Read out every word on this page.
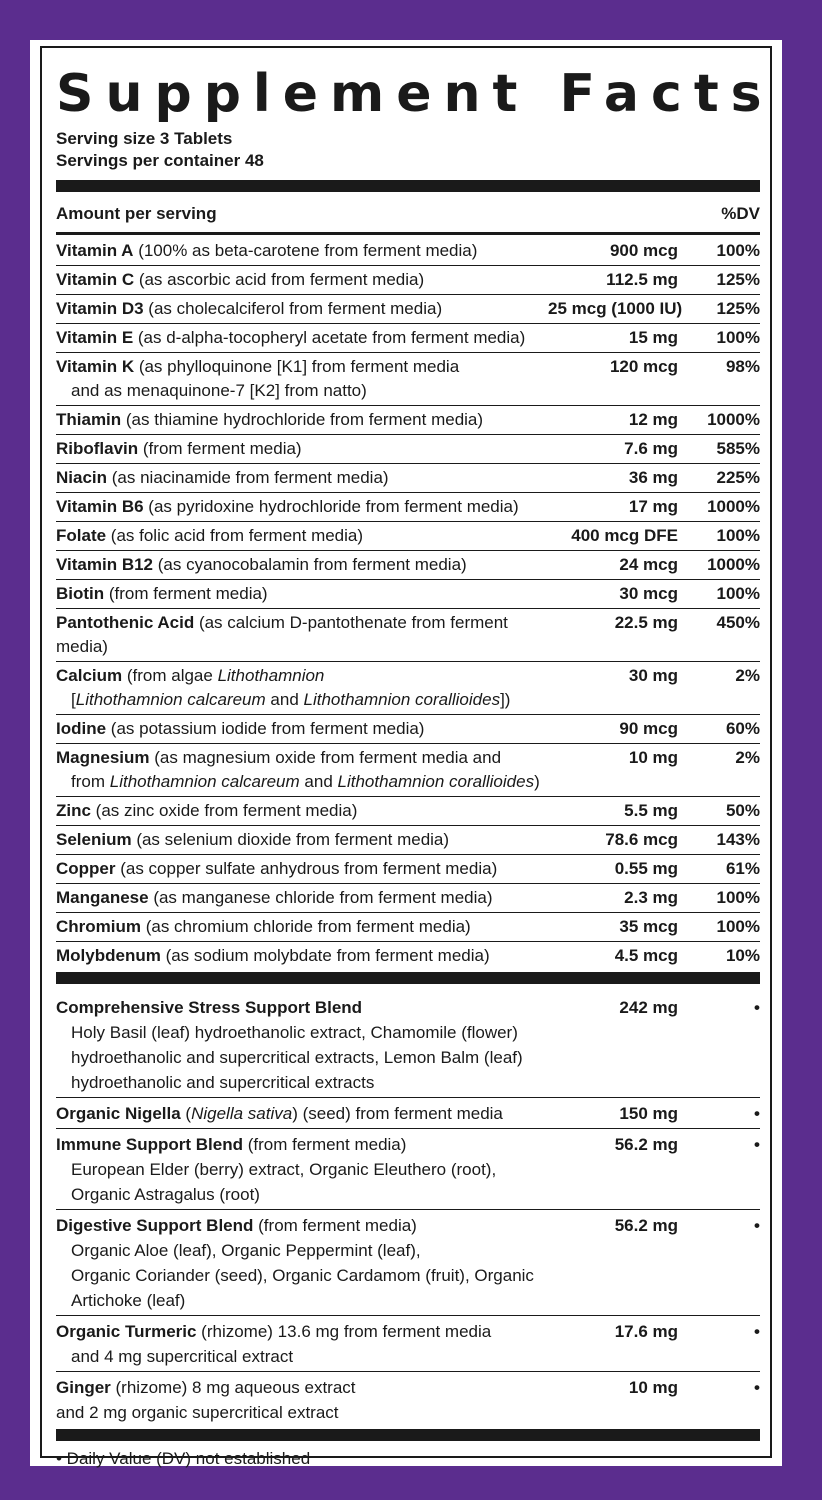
Supplement Facts
Serving size 3 Tablets
Servings per container 48
Amount per serving	%DV
Vitamin A (100% as beta-carotene from ferment media)	900 mcg	100%
Vitamin C (as ascorbic acid from ferment media)	112.5 mg	125%
Vitamin D3 (as cholecalciferol from ferment media)	25 mcg (1000 IU)	125%
Vitamin E (as d-alpha-tocopheryl acetate from ferment media)	15 mg	100%
Vitamin K (as phylloquinone [K1] from ferment media
and as menaquinone-7 [K2] from natto)
120 mcg	98%
Thiamin (as thiamine hydrochloride from ferment media)	12 mg	1000%
Riboflavin (from ferment media)	7.6 mg	585%
Niacin (as niacinamide from ferment media)	36 mg	225%
Vitamin B6 (as pyridoxine hydrochloride from ferment media)	17 mg	1000%
Folate (as folic acid from ferment media)	400 mcg DFE	100%
Vitamin B12 (as cyanocobalamin from ferment media)	24 mcg	1000%
Biotin (from ferment media)	30 mcg	100%
Pantothenic Acid (as calcium D-pantothenate from ferment media)
22.5 mg	450%
Calcium (from algae Lithothamnion
[Lithothamnion calcareum and Lithothamnion corallioides])
30 mg	2%
Iodine (as potassium iodide from ferment media)	90 mcg	60%
Magnesium (as magnesium oxide from ferment media and
from Lithothamnion calcareum and Lithothamnion corallioides)
10 mg	2%
Zinc (as zinc oxide from ferment media)	5.5 mg	50%
Selenium (as selenium dioxide from ferment media)	78.6 mcg	143%
Copper (as copper sulfate anhydrous from ferment media)	0.55 mg	61%
Manganese (as manganese chloride from ferment media)	2.3 mg	100%
Chromium (as chromium chloride from ferment media)	35 mcg	100%
Molybdenum (as sodium molybdate from ferment media)	4.5 mcg	10%
Comprehensive Stress Support Blend
Holy Basil (leaf) hydroethanolic extract, Chamomile (flower)
hydroethanolic and supercritical extracts, Lemon Balm (leaf)
hydroethanolic and supercritical extracts
242 mg	•
Organic Nigella (Nigella sativa) (seed) from ferment media	150 mg	•
Immune Support Blend (from ferment media)
European Elder (berry) extract, Organic Eleuthero (root),
Organic Astragalus (root)
56.2 mg	•
Digestive Support Blend (from ferment media)
Organic Aloe (leaf), Organic Peppermint (leaf),
Organic Coriander (seed), Organic Cardamom (fruit), Organic Artichoke (leaf)
56.2 mg	•
Organic Turmeric (rhizome) 13.6 mg from ferment media
and 4 mg supercritical extract
17.6 mg	•
Ginger (rhizome) 8 mg aqueous extract
and 2 mg organic supercritical extract
10 mg	•
• Daily Value (DV) not established
